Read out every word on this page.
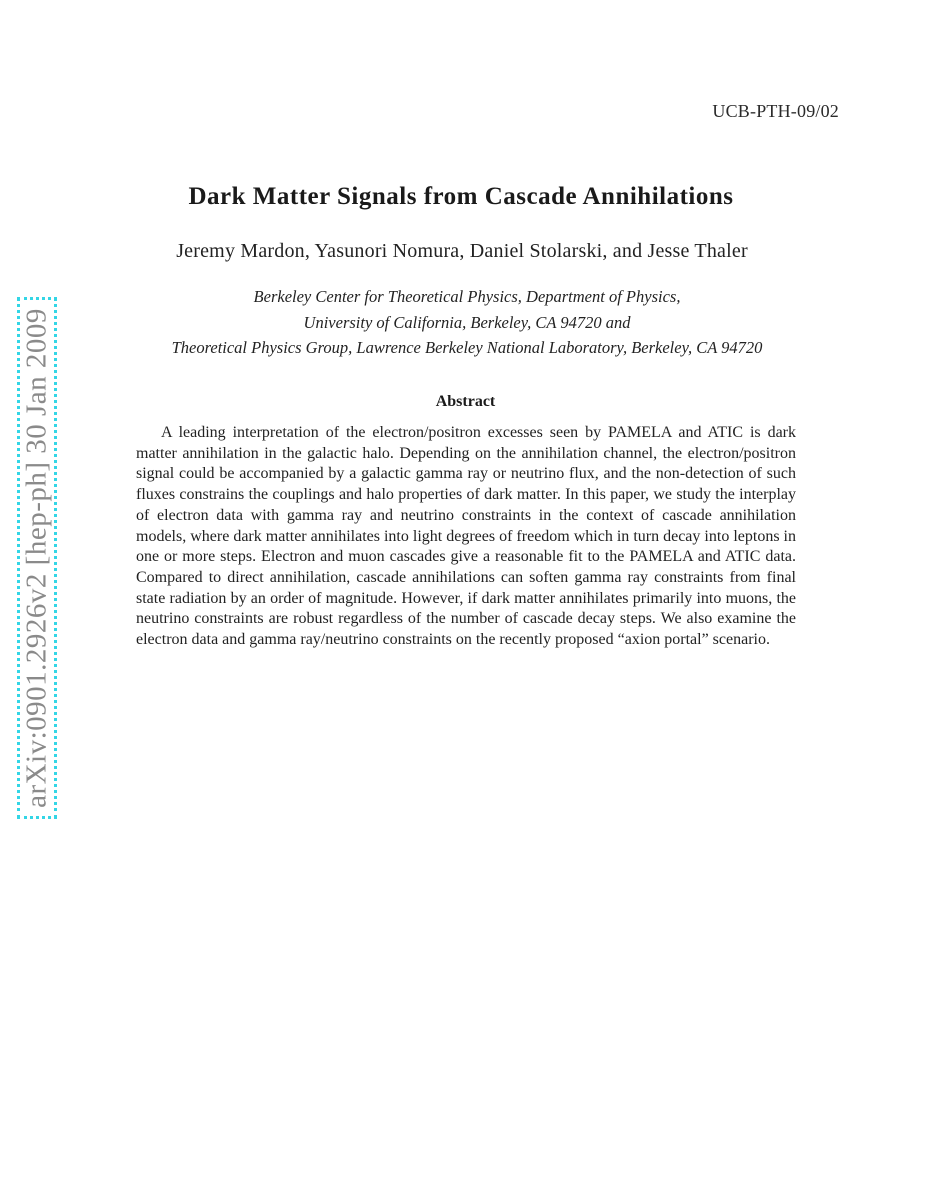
UCB-PTH-09/02
Dark Matter Signals from Cascade Annihilations
Jeremy Mardon, Yasunori Nomura, Daniel Stolarski, and Jesse Thaler
Berkeley Center for Theoretical Physics, Department of Physics,
University of California, Berkeley, CA 94720 and
Theoretical Physics Group, Lawrence Berkeley National Laboratory, Berkeley, CA 94720
Abstract

A leading interpretation of the electron/positron excesses seen by PAMELA and ATIC is dark matter annihilation in the galactic halo. Depending on the annihilation channel, the electron/positron signal could be accompanied by a galactic gamma ray or neutrino flux, and the non-detection of such fluxes constrains the couplings and halo properties of dark matter. In this paper, we study the interplay of electron data with gamma ray and neutrino constraints in the context of cascade annihilation models, where dark matter annihilates into light degrees of freedom which in turn decay into leptons in one or more steps. Electron and muon cascades give a reasonable fit to the PAMELA and ATIC data. Compared to direct annihilation, cascade annihilations can soften gamma ray constraints from final state radiation by an order of magnitude. However, if dark matter annihilates primarily into muons, the neutrino constraints are robust regardless of the number of cascade decay steps. We also examine the electron data and gamma ray/neutrino constraints on the recently proposed “axion portal” scenario.

arXiv:0901.2926v2 [hep-ph] 30 Jan 2009
